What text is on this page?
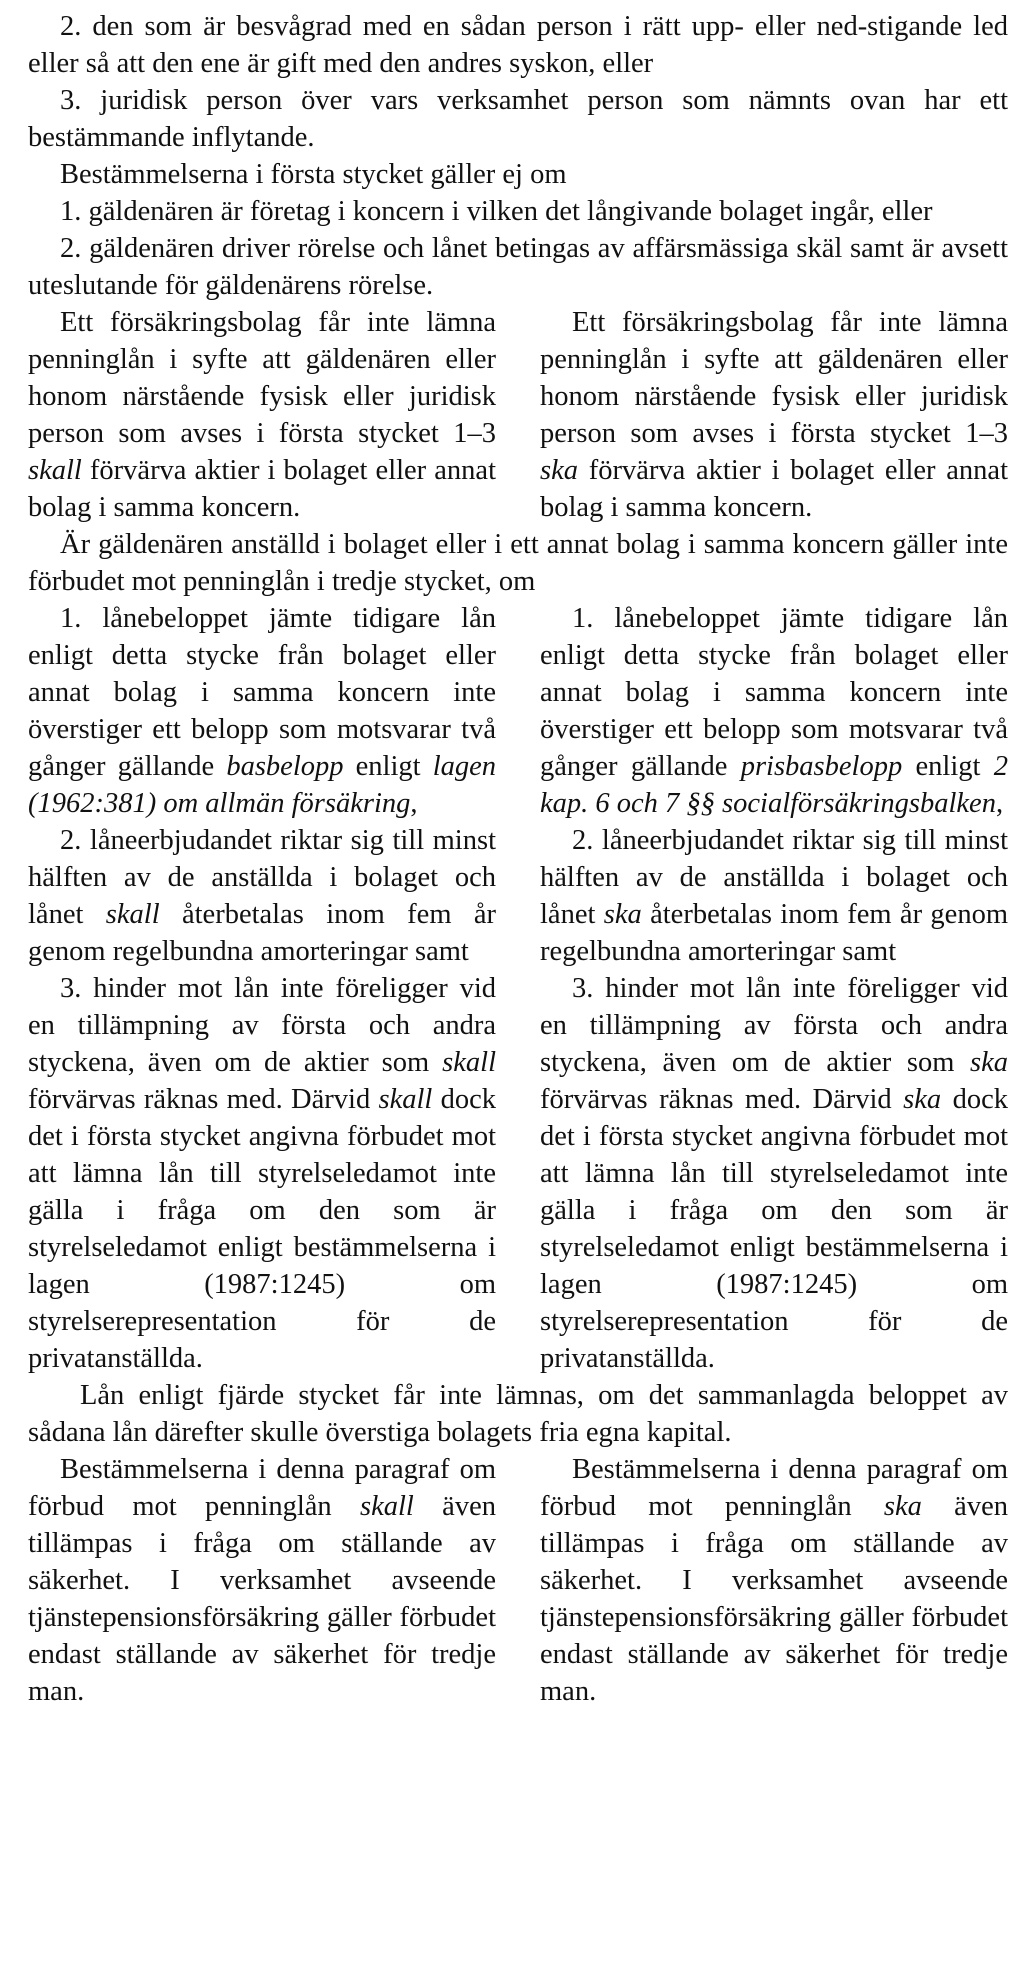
2. den som är besvågrad med en sådan person i rätt upp- eller ned-stigande led eller så att den ene är gift med den andres syskon, eller

3. juridisk person över vars verksamhet person som nämnts ovan har ett bestämmande inflytande.

Bestämmelserna i första stycket gäller ej om

1. gäldenären är företag i koncern i vilken det långivande bolaget ingår, eller

2. gäldenären driver rörelse och lånet betingas av affärsmässiga skäl samt är avsett uteslutande för gäldenärens rörelse.

Ett försäkringsbolag får inte lämna penninglån i syfte att gäldenären eller honom närstående fysisk eller juridisk person som avses i första stycket 1–3 skall förvärva aktier i bolaget eller annat bolag i samma koncern.

Ett försäkringsbolag får inte lämna penninglån i syfte att gäldenären eller honom närstående fysisk eller juridisk person som avses i första stycket 1–3 ska förvärva aktier i bolaget eller annat bolag i samma koncern.

Är gäldenären anställd i bolaget eller i ett annat bolag i samma koncern gäller inte förbudet mot penninglån i tredje stycket, om

1. lånebeloppet jämte tidigare lån enligt detta stycke från bolaget eller annat bolag i samma koncern inte överstiger ett belopp som motsvarar två gånger gällande basbelopp enligt lagen (1962:381) om allmän försäkring,

2. låneerbjudandet riktar sig till minst hälften av de anställda i bolaget och lånet skall återbetalas inom fem år genom regelbundna amorteringar samt

3. hinder mot lån inte föreligger vid en tillämpning av första och andra styckena, även om de aktier som skall förvärvas räknas med. Därvid skall dock det i första stycket angivna förbudet mot att lämna lån till styrelseledamot inte gälla i fråga om den som är styrelseledamot enligt bestämmelserna i lagen (1987:1245) om styrelserepresentation för de privatanställda.

1. lånebeloppet jämte tidigare lån enligt detta stycke från bolaget eller annat bolag i samma koncern inte överstiger ett belopp som motsvarar två gånger gällande prisbasbelopp enligt 2 kap. 6 och 7 §§ socialförsäkringsbalken,

2. låneerbjudandet riktar sig till minst hälften av de anställda i bolaget och lånet ska återbetalas inom fem år genom regelbundna amorteringar samt

3. hinder mot lån inte föreligger vid en tillämpning av första och andra styckena, även om de aktier som ska förvärvas räknas med. Därvid ska dock det i första stycket angivna förbudet mot att lämna lån till styrelseledamot inte gälla i fråga om den som är styrelseledamot enligt bestämmelserna i lagen (1987:1245) om styrelserepresentation för de privatanställda.

Lån enligt fjärde stycket får inte lämnas, om det sammanlagda beloppet av sådana lån därefter skulle överstiga bolagets fria egna kapital.

Bestämmelserna i denna paragraf om förbud mot penninglån skall även tillämpas i fråga om ställande av säkerhet. I verksamhet avseende tjänstepensionsförsäkring gäller förbudet endast ställande av säkerhet för tredje man.

Bestämmelserna i denna paragraf om förbud mot penninglån ska även tillämpas i fråga om ställande av säkerhet. I verksamhet avseende tjänstepensionsförsäkring gäller förbudet endast ställande av säkerhet för tredje man.
